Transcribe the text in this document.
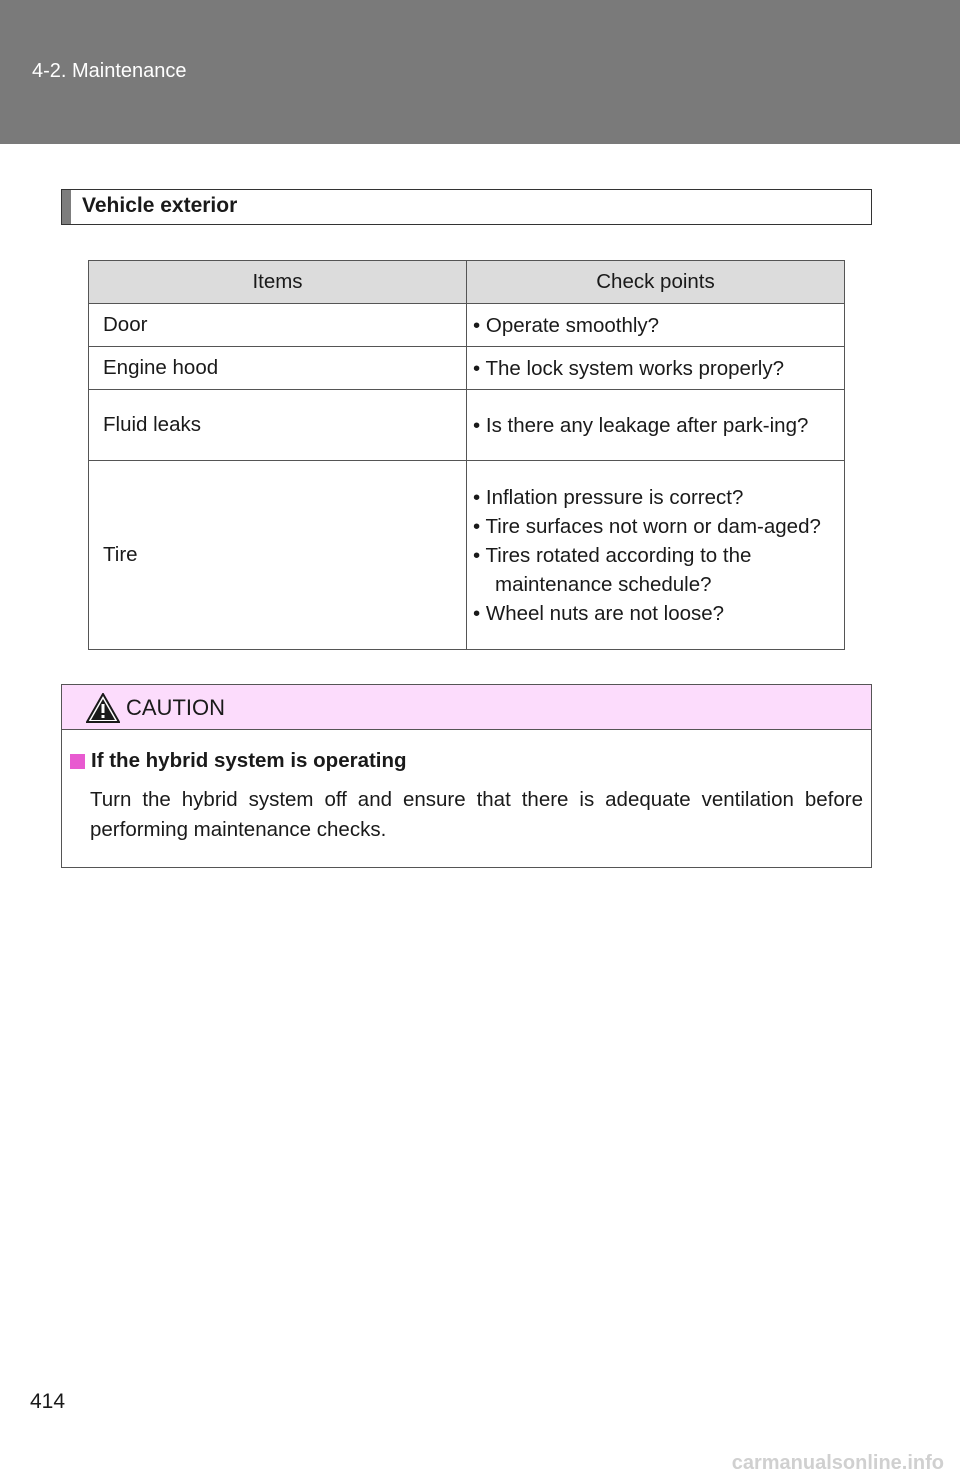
4-2. Maintenance
Vehicle exterior
Items	Check points
Door	• Operate smoothly?

Engine hood	• The lock system works properly?

Fluid leaks	• Is there any leakage after park-ing?

Tire	• Inflation pressure is correct?
• Tire surfaces not worn or dam-aged?
• Tires rotated according to the maintenance schedule?
• Wheel nuts are not loose?
CAUTION
If the hybrid system is operating

Turn the hybrid system off and ensure that there is adequate ventilation before performing maintenance checks.

414
carmanualsonline.info
